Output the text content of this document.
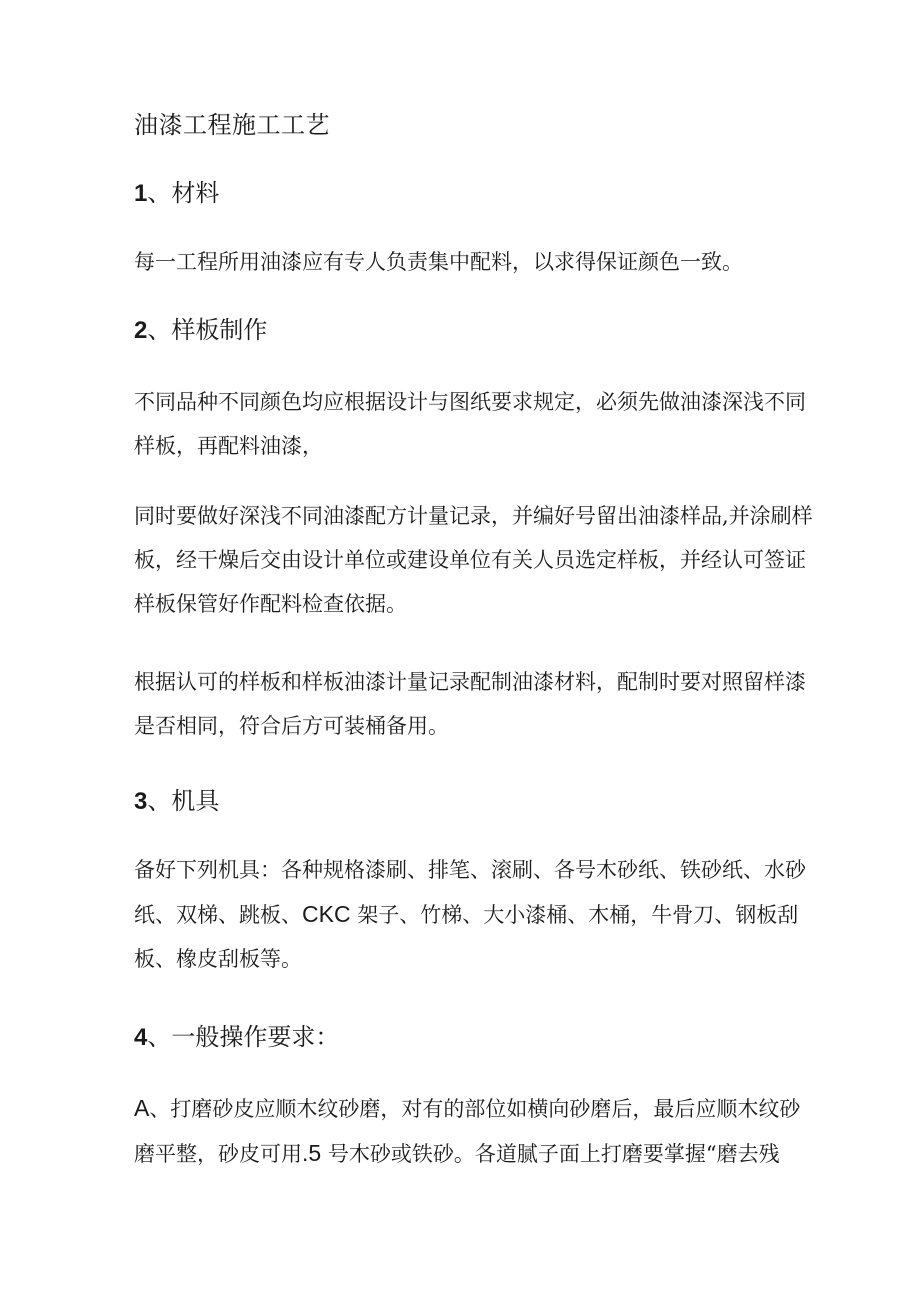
油漆工程施工工艺
1、材料

每一工程所用油漆应有专人负责集中配料，以求得保证颜色一致。

2、样板制作

不同品种不同颜色均应根据设计与图纸要求规定，必须先做油漆深浅不同
样板，再配料油漆，

同时要做好深浅不同油漆配方计量记录，并编好号留出油漆样品,并涂刷样
板，经干燥后交由设计单位或建设单位有关人员选定样板，并经认可签证
样板保管好作配料检查依据。

根据认可的样板和样板油漆计量记录配制油漆材料，配制时要对照留样漆
是否相同，符合后方可装桶备用。

3、机具

备好下列机具：各种规格漆刷、排笔、滚刷、各号木砂纸、铁砂纸、水砂
纸、双梯、跳板、CKC 架子、竹梯、大小漆桶、木桶，牛骨刀、钢板刮
板、橡皮刮板等。

4、一般操作要求：

A、打磨砂皮应顺木纹砂磨，对有的部位如横向砂磨后，最后应顺木纹砂
磨平整，砂皮可用.5 号木砂或铁砂。各道腻子面上打磨要掌握“磨去残
